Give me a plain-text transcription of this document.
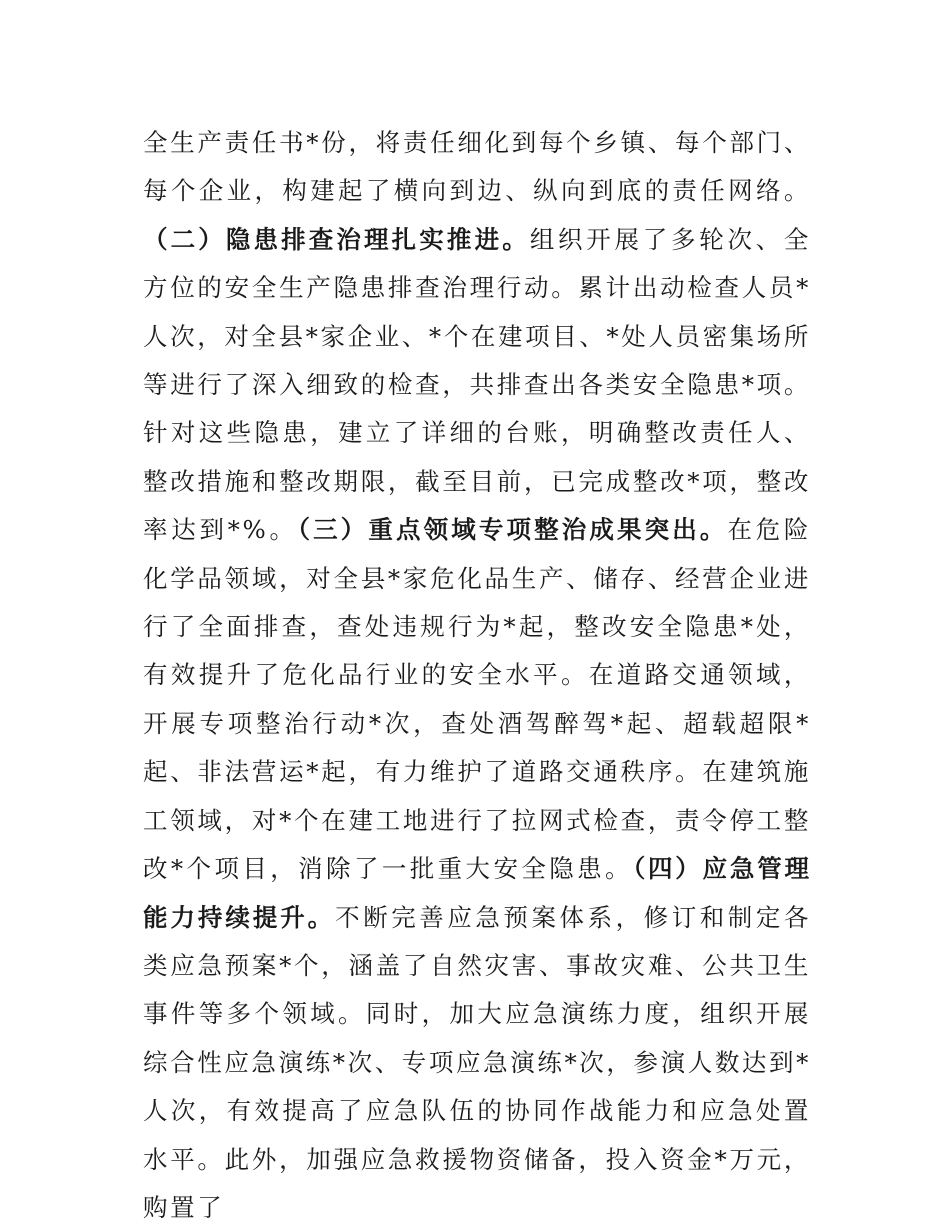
全生产责任书*份，将责任细化到每个乡镇、每个部门、每个企业，构建起了横向到边、纵向到底的责任网络。（二）隐患排查治理扎实推进。组织开展了多轮次、全方位的安全生产隐患排查治理行动。累计出动检查人员*人次，对全县*家企业、*个在建项目、*处人员密集场所等进行了深入细致的检查，共排查出各类安全隐患*项。针对这些隐患，建立了详细的台账，明确整改责任人、整改措施和整改期限，截至目前，已完成整改*项，整改率达到*%。（三）重点领域专项整治成果突出。在危险化学品领域，对全县*家危化品生产、储存、经营企业进行了全面排查，查处违规行为*起，整改安全隐患*处，有效提升了危化品行业的安全水平。在道路交通领域，开展专项整治行动*次，查处酒驾醉驾*起、超载超限*起、非法营运*起，有力维护了道路交通秩序。在建筑施工领域，对*个在建工地进行了拉网式检查，责令停工整改*个项目，消除了一批重大安全隐患。（四）应急管理能力持续提升。不断完善应急预案体系，修订和制定各类应急预案*个，涵盖了自然灾害、事故灾难、公共卫生事件等多个领域。同时，加大应急演练力度，组织开展综合性应急演练*次、专项应急演练*次，参演人数达到*人次，有效提高了应急队伍的协同作战能力和应急处置水平。此外，加强应急救援物资储备，投入资金*万元，购置了
